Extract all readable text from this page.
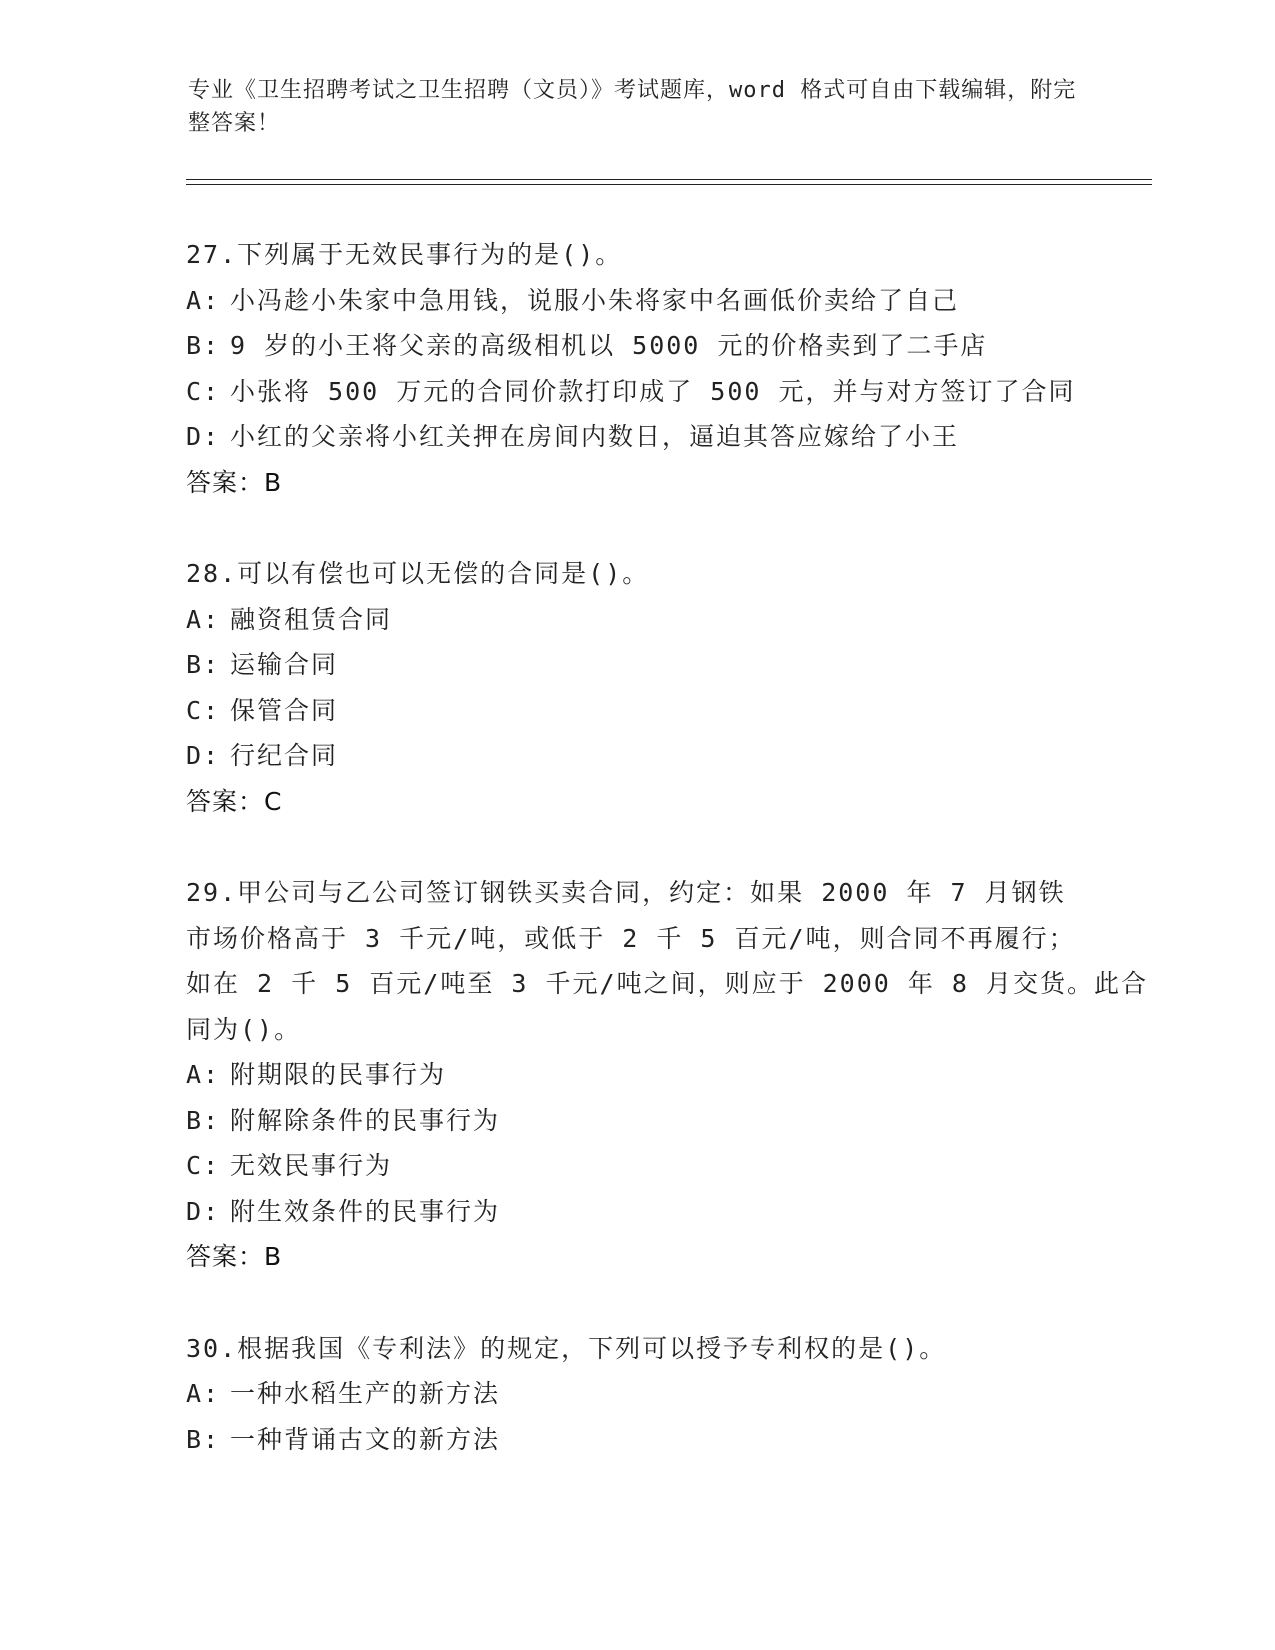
专业《卫生招聘考试之卫生招聘（文员）》考试题库，word 格式可自由下载编辑，附完整答案！
27.下列属于无效民事行为的是()。
A: 小冯趁小朱家中急用钱，说服小朱将家中名画低价卖给了自己
B: 9 岁的小王将父亲的高级相机以 5000 元的价格卖到了二手店
C: 小张将 500 万元的合同价款打印成了 500 元，并与对方签订了合同
D: 小红的父亲将小红关押在房间内数日，逼迫其答应嫁给了小王
答案：B
28.可以有偿也可以无偿的合同是()。
A: 融资租赁合同
B: 运输合同
C: 保管合同
D: 行纪合同
答案：C
29.甲公司与乙公司签订钢铁买卖合同，约定：如果 2000 年 7 月钢铁
市场价格高于 3 千元/吨，或低于 2 千 5 百元/吨，则合同不再履行；
如在 2 千 5 百元/吨至 3 千元/吨之间，则应于 2000 年 8 月交货。此合
同为()。
A: 附期限的民事行为
B: 附解除条件的民事行为
C: 无效民事行为
D: 附生效条件的民事行为
答案：B
30.根据我国《专利法》的规定，下列可以授予专利权的是()。
A: 一种水稻生产的新方法
B: 一种背诵古文的新方法
